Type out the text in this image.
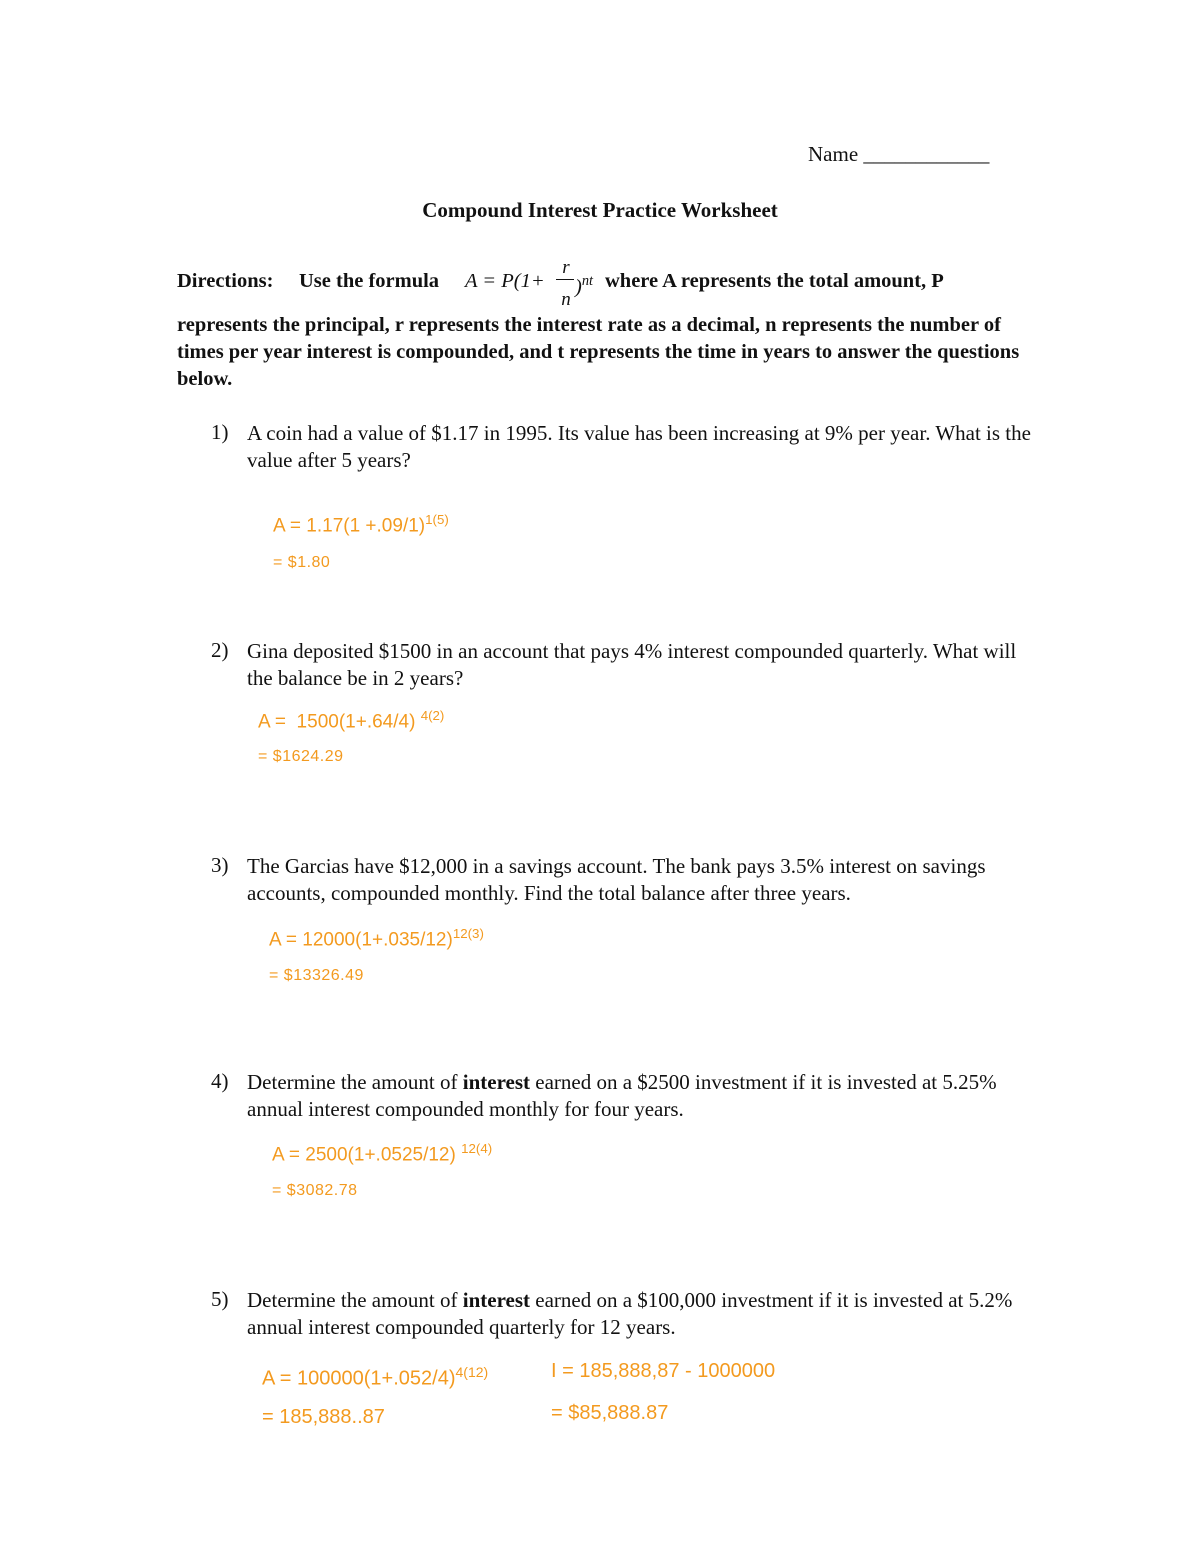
Name ____________
Compound Interest Practice Worksheet
Directions: Use the formula A = P(1+
r
n
)$^{nt}$ where A represents the total amount, P
represents the principal, r represents the interest rate as a decimal, n represents the number of times per year interest is compounded, and t represents the time in years to answer the questions below.
1) A coin had a value of $1.17 in 1995. Its value has been increasing at 9% per year. What is the value after 5 years?
$A = 1.17(1 +.09/1)^{1(5)}$
= $1.80
2) Gina deposited $1500 in an account that pays 4% interest compounded quarterly. What will the balance be in 2 years?
A =  1500(1+.64/4) $^{4(2)}$
= $1624.29
3) The Garcias have $12,000 in a savings account. The bank pays 3.5% interest on savings accounts, compounded monthly. Find the total balance after three years.
$A = 12000(1+.035/12)^{12(3)}$
= $13326.49
4) Determine the amount of interest earned on a $2500 investment if it is invested at 5.25% annual interest compounded monthly for four years.
A = 2500(1+.0525/12) $^{12(4)}$
= $3082.78
5) Determine the amount of interest earned on a $100,000 investment if it is invested at 5.2% annual interest compounded quarterly for 12 years.
$A = 100000(1+.052/4)^{4(12)}$
= 185,888..87
I = 185,888,87 - 1000000
= $85,888.87
